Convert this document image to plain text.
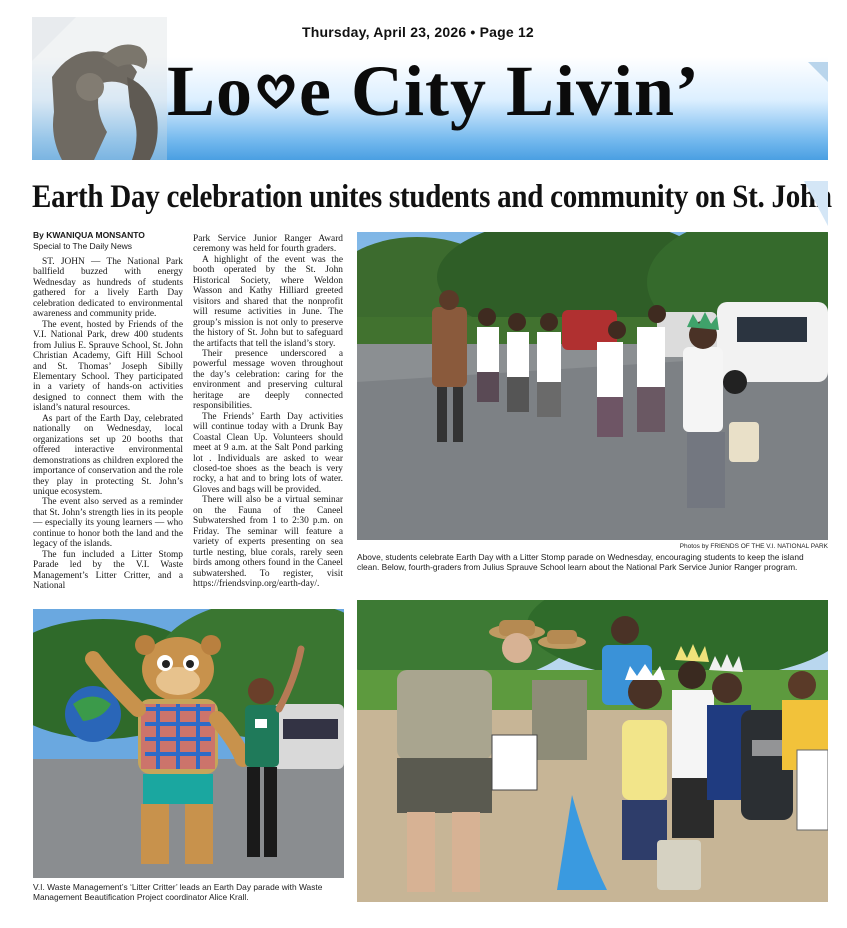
Thursday, April 23, 2026 • Page 12
Lo e City Livin’
Earth Day celebration unites students and community on St. John
By KWANIQUA MONSANTO
Special to The Daily News

ST. JOHN — The National Park ballfield buzzed with energy Wednesday as hundreds of students gathered for a lively Earth Day celebration dedicated to environmental awareness and community pride.

The event, hosted by Friends of the V.I. National Park, drew 400 students from Julius E. Sprauve School, St. John Christian Academy, Gift Hill School and St. Thomas’ Joseph Sibilly Elementary School. They participated in a variety of hands-on activities designed to connect them with the island’s natural resources.

As part of the Earth Day, celebrated nationally on Wednesday, local organizations set up 20 booths that offered interactive environmental demonstrations as children explored the importance of conservation and the role they play in protecting St. John’s unique ecosystem.

The event also served as a reminder that St. John’s strength lies in its people — especially its young learners — who continue to honor both the land and the legacy of the islands.

The fun included a Litter Stomp Parade led by the V.I. Waste Management’s Litter Critter, and a National

Park Service Junior Ranger Award ceremony was held for fourth graders.

A highlight of the event was the booth operated by the St. John Historical Society, where Weldon Wasson and Kathy Hilliard greeted visitors and shared that the nonprofit will resume activities in June. The group’s mission is not only to preserve the history of St. John but to safeguard the artifacts that tell the island’s story.

Their presence underscored a powerful message woven throughout the day’s celebration: caring for the environment and preserving cultural heritage are deeply connected responsibilities.

The Friends’ Earth Day activities will continue today with a Drunk Bay Coastal Clean Up. Volunteers should meet at 9 a.m. at the Salt Pond parking lot . Individuals are asked to wear closed-toe shoes as the beach is very rocky, a hat and to bring lots of water. Gloves and bags will be provided.

There will also be a virtual seminar on the Fauna of the Caneel Subwatershed from 1 to 2:30 p.m. on Friday. The seminar will feature a variety of experts presenting on sea turtle nesting, blue corals, rarely seen birds among others found in the Caneel subwatershed. To register, visit https://friendsvinp.org/earth-day/.

Photos by FRIENDS OF THE V.I. NATIONAL PARK
Above, students celebrate Earth Day with a Litter Stomp parade on Wednesday, encouraging students to keep the island clean. Below, fourth-graders from Julius Sprauve School learn about the National Park Service Junior Ranger program.
V.I. Waste Management’s ‘Litter Critter’ leads an Earth Day parade with Waste Management Beautification Project coordinator Alice Krall.
